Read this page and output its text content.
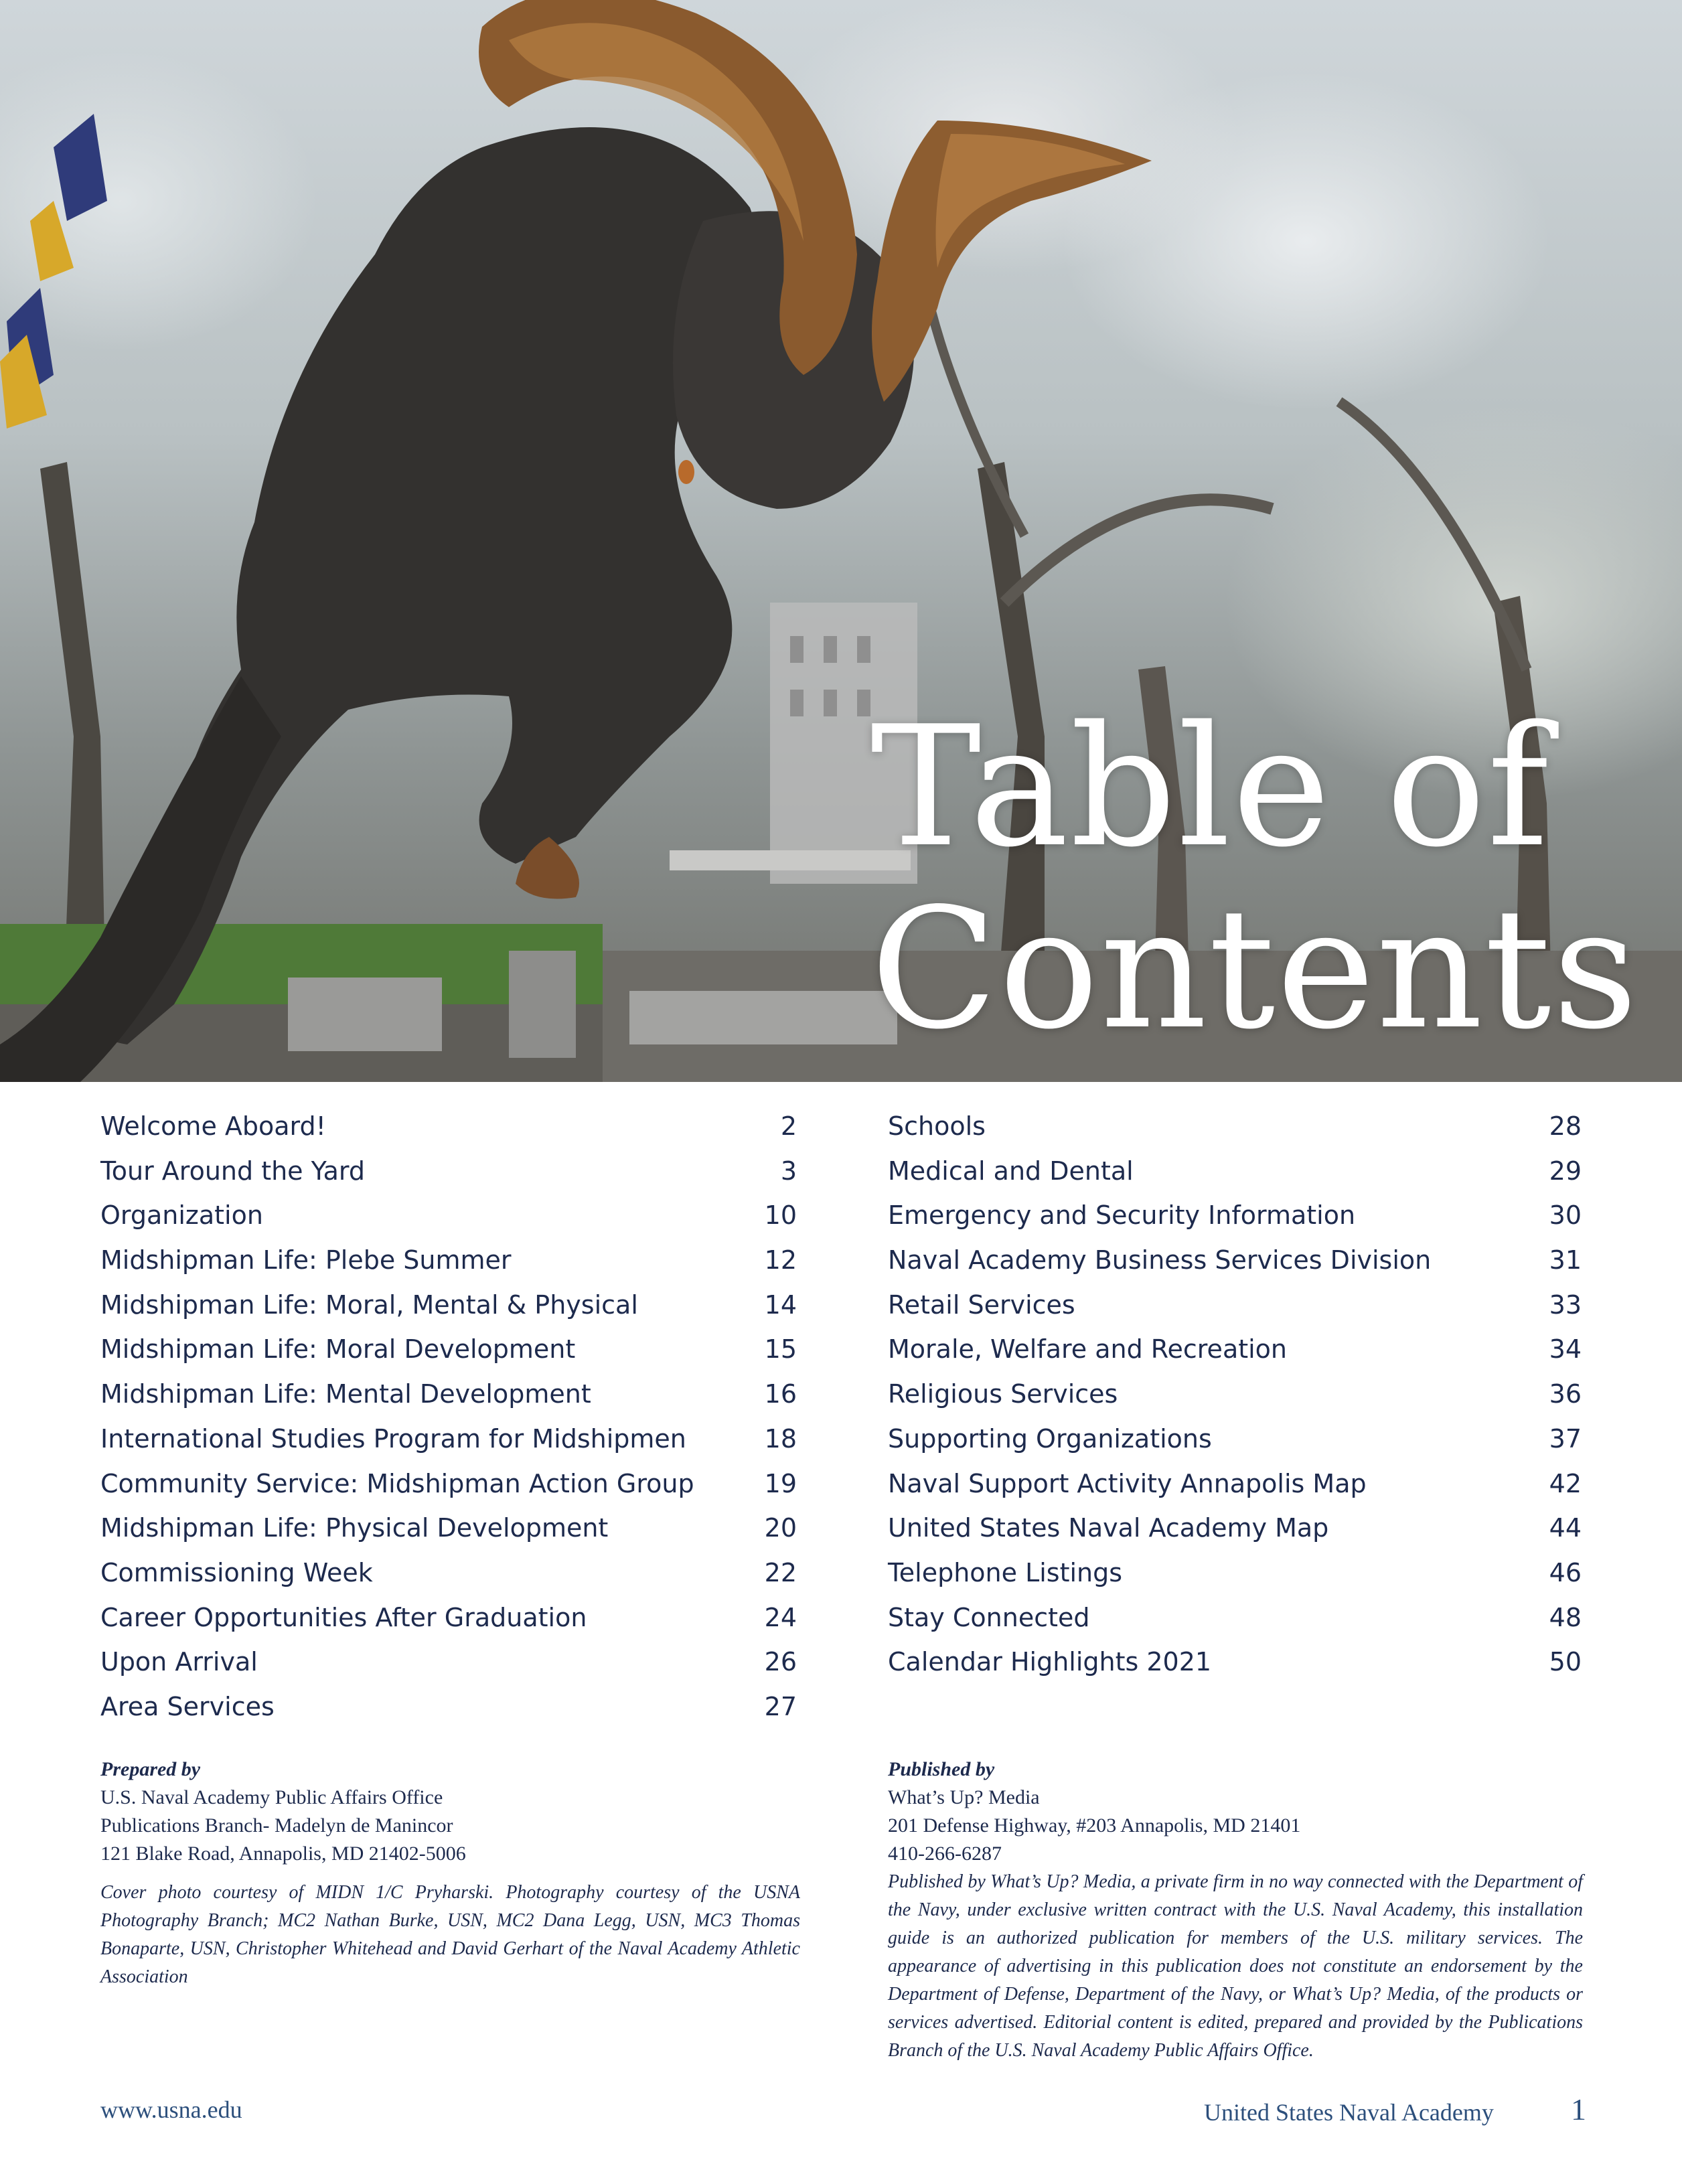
Table of
Contents
Welcome Aboard!	2
Tour Around the Yard	3
Organization	10
Midshipman Life: Plebe Summer	12
Midshipman Life: Moral, Mental & Physical	14
Midshipman Life: Moral Development	15
Midshipman Life: Mental Development	16
International Studies Program for Midshipmen	18
Community Service: Midshipman Action Group	19
Midshipman Life: Physical Development	20
Commissioning Week	22
Career Opportunities After Graduation	24
Upon Arrival	26
Area Services	27
Schools	28
Medical and Dental	29
Emergency and Security Information	30
Naval Academy Business Services Division	31
Retail Services	33
Morale, Welfare and Recreation	34
Religious Services	36
Supporting Organizations	37
Naval Support Activity Annapolis Map	42
United States Naval Academy Map	44
Telephone Listings	46
Stay Connected	48
Calendar Highlights 2021	50
Prepared by
U.S. Naval Academy Public Affairs Office
Publications Branch- Madelyn de Manincor
121 Blake Road, Annapolis, MD 21402-5006
Cover photo courtesy of MIDN 1/C Pryharski. Photography courtesy of the USNA Photography Branch; MC2 Nathan Burke, USN, MC2 Dana Legg, USN, MC3 Thomas Bonaparte, USN, Christopher Whitehead and David Gerhart of the Naval Academy Athletic Association
Published by
What’s Up? Media
201 Defense Highway, #203 Annapolis, MD 21401
410-266-6287
Published by What’s Up? Media, a private firm in no way connected with the Department of the Navy, under exclusive written contract with the U.S. Naval Academy, this installation guide is an authorized publication for members of the U.S. military services. The appearance of advertising in this publication does not constitute an endorsement by the Department of Defense, Department of the Navy, or What’s Up? Media, of the products or services advertised. Editorial content is edited, prepared and provided by the Publications Branch of the U.S. Naval Academy Public Affairs Office.
www.usna.edu	United States Naval Academy	1
